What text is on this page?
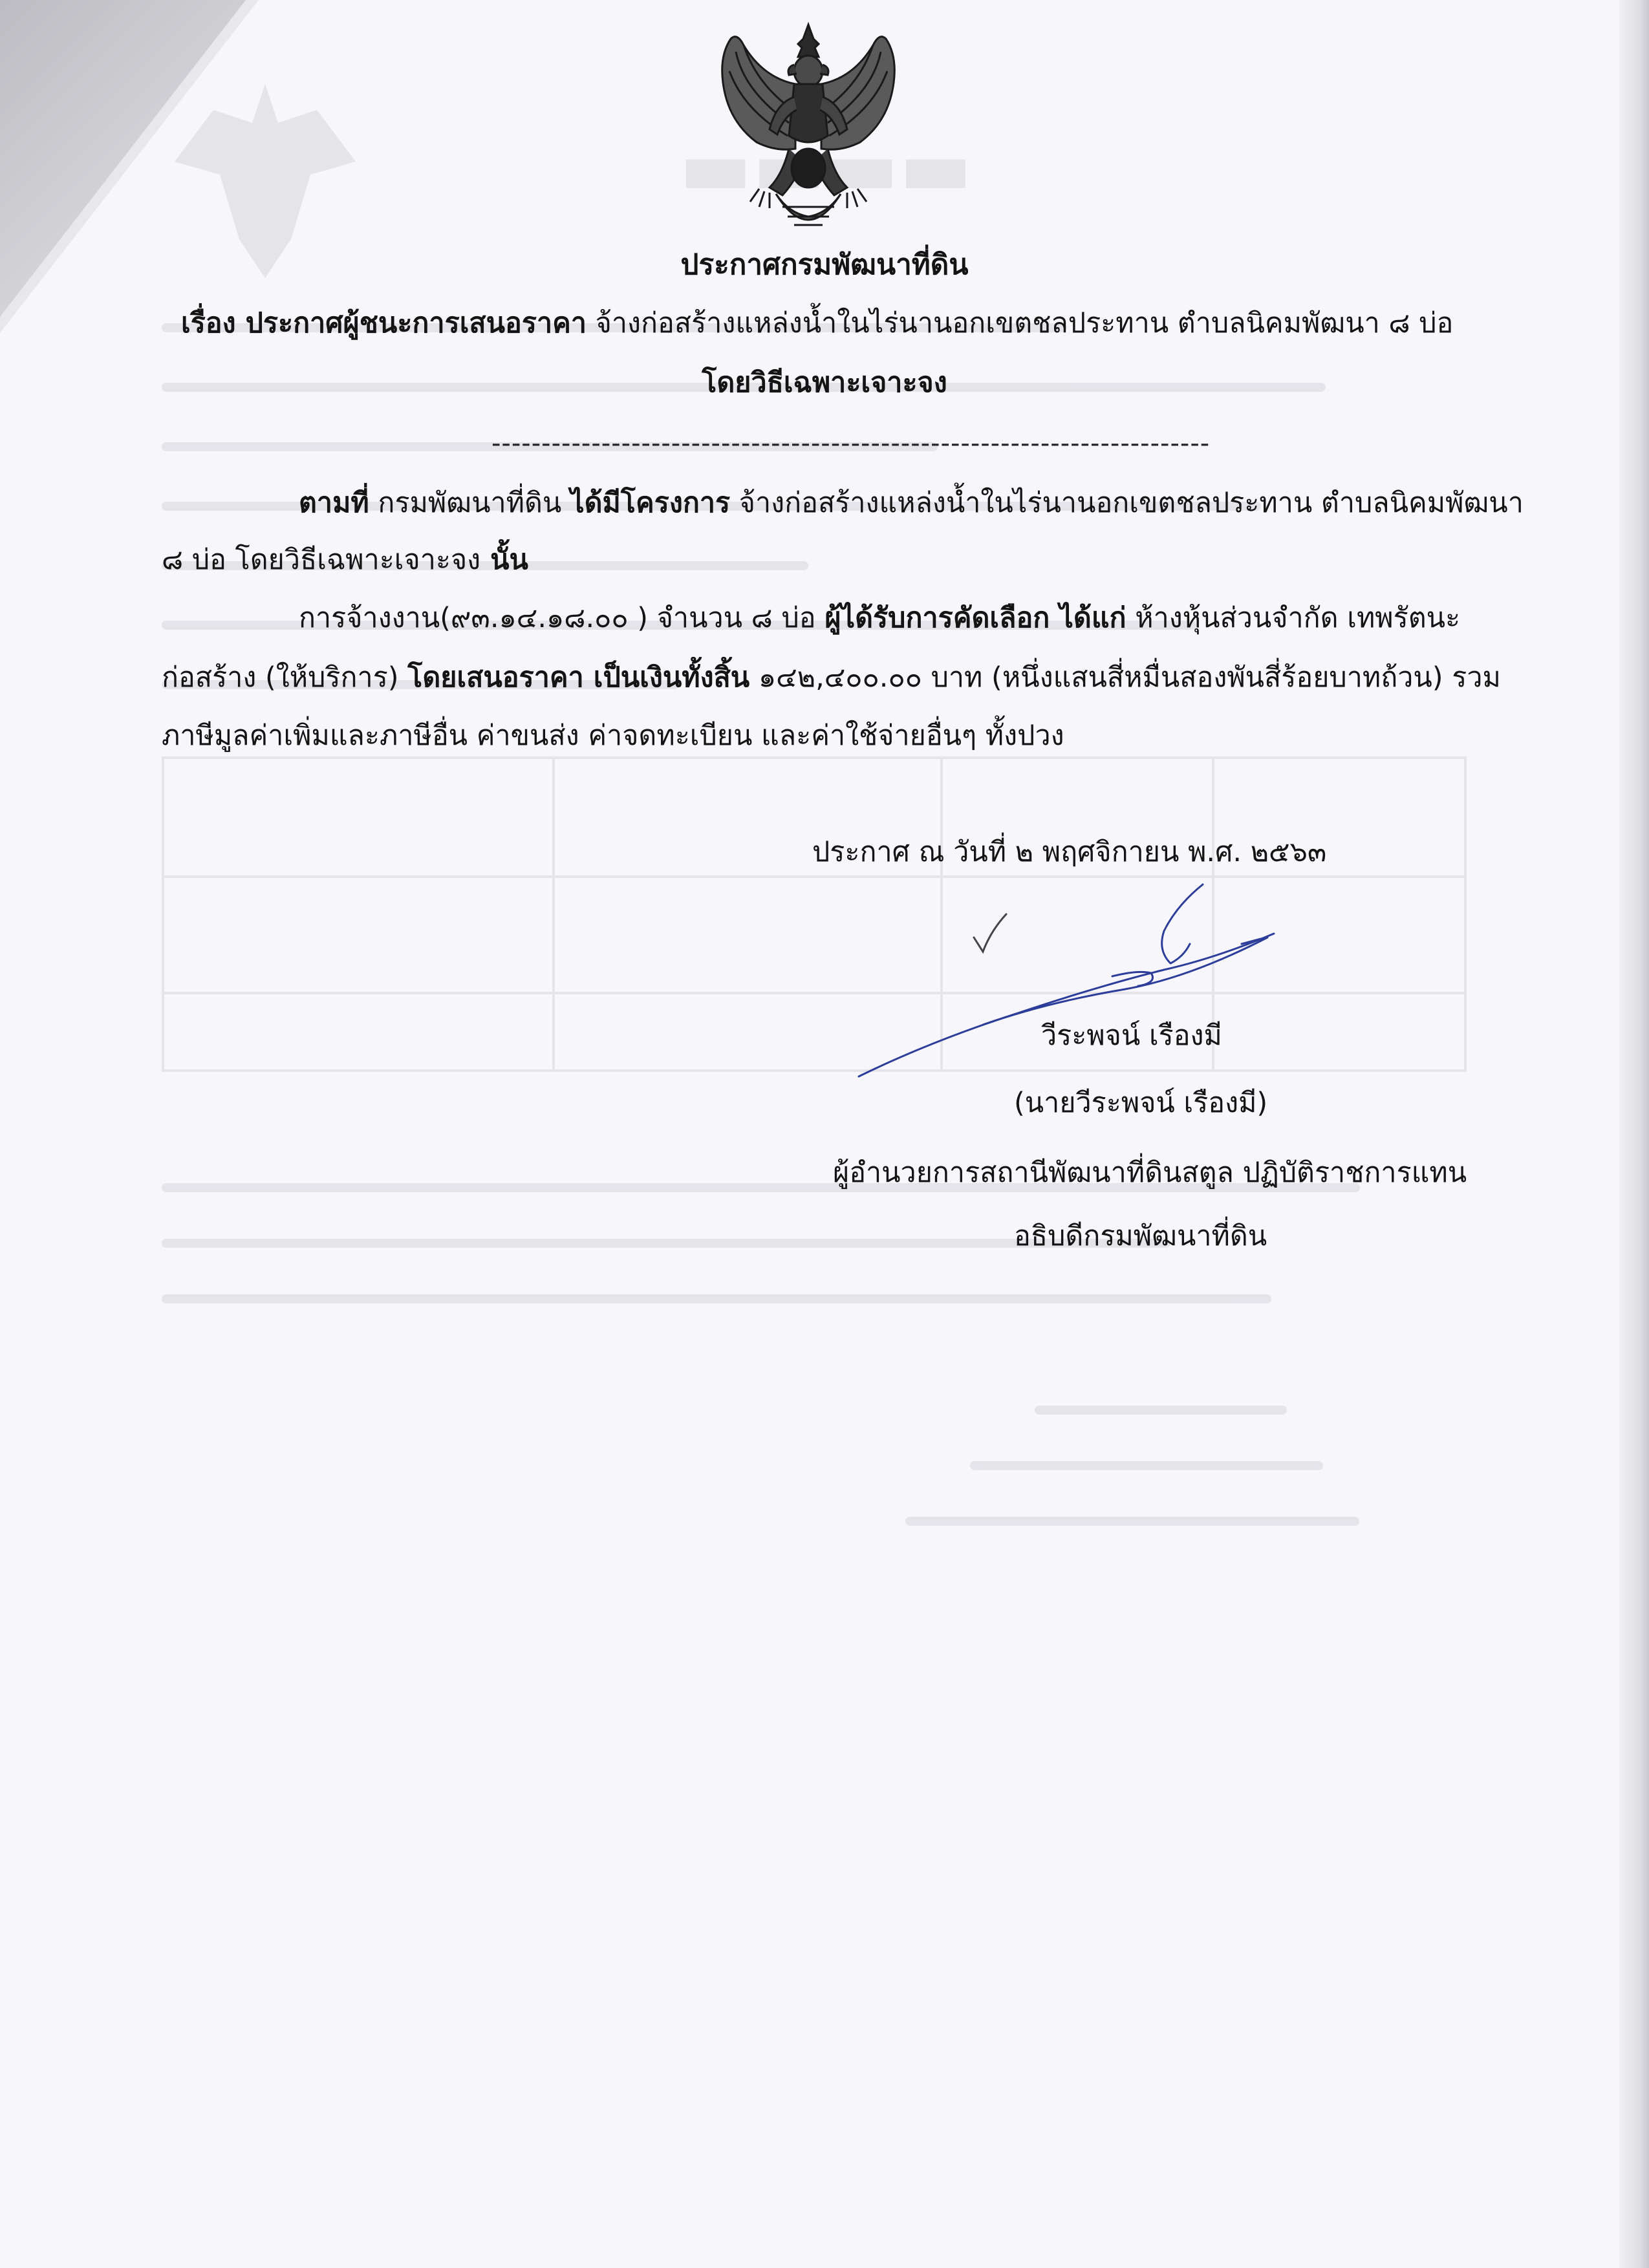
ประกาศกรมพัฒนาที่ดิน
เรื่อง ประกาศผู้ชนะการเสนอราคา จ้างก่อสร้างแหล่งน้ำในไร่นานอกเขตชลประทาน ตำบลนิคมพัฒนา ๘ บ่อ
โดยวิธีเฉพาะเจาะจง
------------------------------------------------------------------------
ตามที่ กรมพัฒนาที่ดิน ได้มีโครงการ จ้างก่อสร้างแหล่งน้ำในไร่นานอกเขตชลประทาน ตำบลนิคมพัฒนา
๘ บ่อ โดยวิธีเฉพาะเจาะจง นั้น
การจ้างงาน(๙๓.๑๔.๑๘.๐๐ ) จำนวน ๘ บ่อ ผู้ได้รับการคัดเลือก ได้แก่ ห้างหุ้นส่วนจำกัด เทพรัตนะ
ก่อสร้าง (ให้บริการ) โดยเสนอราคา เป็นเงินทั้งสิ้น ๑๔๒,๔๐๐.๐๐ บาท (หนึ่งแสนสี่หมื่นสองพันสี่ร้อยบาทถ้วน) รวม
ภาษีมูลค่าเพิ่มและภาษีอื่น ค่าขนส่ง ค่าจดทะเบียน และค่าใช้จ่ายอื่นๆ ทั้งปวง
ประกาศ ณ วันที่ ๒ พฤศจิกายน พ.ศ. ๒๕๖๓
วีระพจน์ เรืองมี
(นายวีระพจน์ เรืองมี)
ผู้อำนวยการสถานีพัฒนาที่ดินสตูล ปฏิบัติราชการแทน
อธิบดีกรมพัฒนาที่ดิน
